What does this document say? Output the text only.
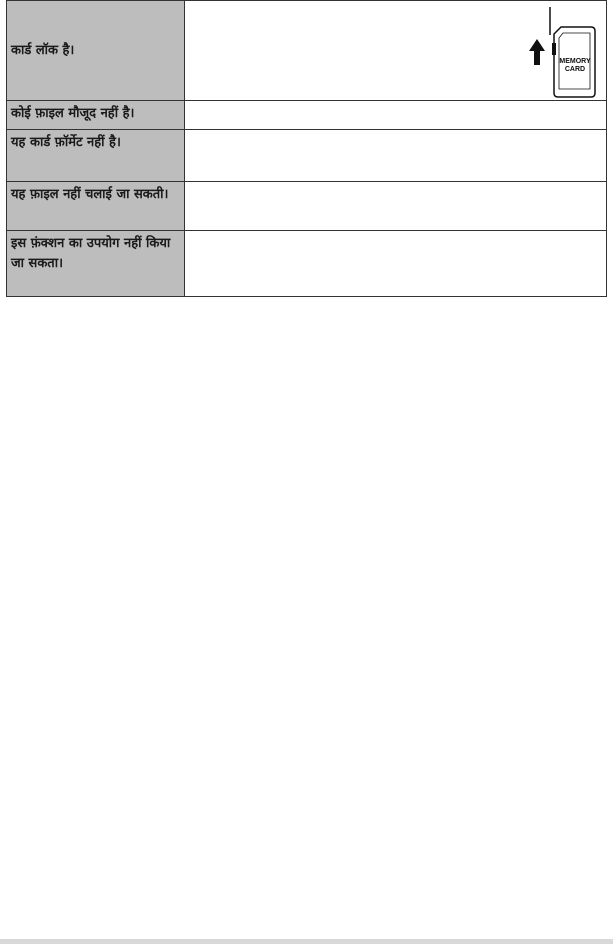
कार्ड लॉक है।	MEMORY
CARD

कोई फ़ाइल मौजूद नहीं है।	
यह कार्ड फ़ॉर्मेट नहीं है।	
यह फ़ाइल नहीं चलाई जा सकती।	
इस फ़ंक्शन का उपयोग नहीं किया जा सकता।	
